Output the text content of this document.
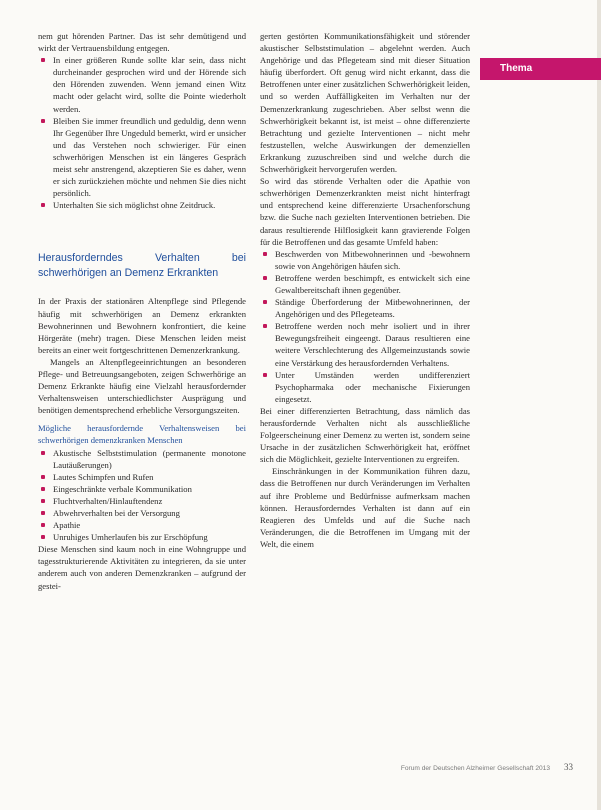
Thema

nem gut hörenden Partner. Das ist sehr demütigend und wirkt der Vertrauensbildung entgegen.

In einer größeren Runde sollte klar sein, dass nicht durcheinander gesprochen wird und der Hörende sich den Hörenden zuwenden. Wenn jemand einen Witz macht oder gelacht wird, sollte die Pointe wiederholt werden.
Bleiben Sie immer freundlich und geduldig, denn wenn Ihr Gegenüber Ihre Ungeduld bemerkt, wird er unsicher und das Verstehen noch schwieriger. Für einen schwerhörigen Menschen ist ein längeres Gespräch meist sehr anstrengend, akzeptieren Sie es daher, wenn er sich zurückziehen möchte und nehmen Sie dies nicht persönlich.
Unterhalten Sie sich möglichst ohne Zeitdruck.
Herausforderndes Verhalten bei schwerhörigen an Demenz Erkrankten

In der Praxis der stationären Altenpflege sind Pflegende häufig mit schwerhörigen an Demenz erkrankten Bewohnerinnen und Bewohnern konfrontiert, die keine Hörgeräte (mehr) tragen. Diese Menschen leiden meist bereits an einer weit fortgeschrittenen Demenzerkrankung.

Mangels an Altenpflegeeinrichtungen an besonderen Pflege- und Betreuungsangeboten, zeigen Schwerhörige an Demenz Erkrankte häufig eine Vielzahl herausfordernder Verhaltensweisen unterschiedlichster Ausprägung und benötigen dementsprechend erhebliche Versorgungszeiten.

Mögliche herausfordernde Verhaltensweisen bei schwerhörigen demenzkranken Menschen
Akustische Selbststimulation (permanente monotone Lautäußerungen)
Lautes Schimpfen und Rufen
Eingeschränkte verbale Kommunikation
Fluchtverhalten/Hinlauftendenz
Abwehrverhalten bei der Versorgung
Apathie
Unruhiges Umherlaufen bis zur Erschöpfung

Diese Menschen sind kaum noch in eine Wohngruppe und tagesstrukturierende Aktivitäten zu integrieren, da sie unter anderem auch von anderen Demenzkranken – aufgrund der gestei-

gerten gestörten Kommunikationsfähigkeit und störender akustischer Selbststimulation – abgelehnt werden. Auch Angehörige und das Pflegeteam sind mit dieser Situation häufig überfordert. Oft genug wird nicht erkannt, dass die Betroffenen unter einer zusätzlichen Schwerhörigkeit leiden, und so werden Auffälligkeiten im Verhalten nur der Demenzerkrankung zugeschrieben. Aber selbst wenn die Schwerhörigkeit bekannt ist, ist meist – ohne differenzierte Betrachtung und gezielte Interventionen – nicht mehr festzustellen, welche Auswirkungen der demenziellen Erkrankung zuzuschreiben sind und welche durch die Schwerhörigkeit hervorgerufen werden.

So wird das störende Verhalten oder die Apathie von schwerhörigen Demenzerkrankten meist nicht hinterfragt und entsprechend keine differenzierte Ursachenforschung bzw. die Suche nach gezielten Interventionen betrieben. Die daraus resultierende Hilflosigkeit kann gravierende Folgen für die Betroffenen und das gesamte Umfeld haben:

Beschwerden von Mitbewohnerinnen und -bewohnern sowie von Angehörigen häufen sich.
Betroffene werden beschimpft, es entwickelt sich eine Gewaltbereitschaft ihnen gegenüber.
Ständige Überforderung der Mitbewohnerinnen, der Angehörigen und des Pflegeteams.
Betroffene werden noch mehr isoliert und in ihrer Bewegungsfreiheit eingeengt. Daraus resultieren eine weitere Verschlechterung des Allgemeinzustands sowie eine Verstärkung des herausfordernden Verhaltens.
Unter Umständen werden undifferenziert Psychopharmaka oder mechanische Fixierungen eingesetzt.

Bei einer differenzierten Betrachtung, dass nämlich das herausfordernde Verhalten nicht als ausschließliche Folgeerscheinung einer Demenz zu werten ist, sondern seine Ursache in der zusätzlichen Schwerhörigkeit hat, eröffnet sich die Möglichkeit, gezielte Interventionen zu ergreifen.

Einschränkungen in der Kommunikation führen dazu, dass die Betroffenen nur durch Veränderungen im Verhalten auf ihre Probleme und Bedürfnisse aufmerksam machen können. Herausforderndes Verhalten ist dann auf ein Reagieren des Umfelds und auf die Suche nach Veränderungen, die die Betroffenen im Umgang mit der Welt, die einem

Forum der Deutschen Alzheimer Gesellschaft 2013 33
